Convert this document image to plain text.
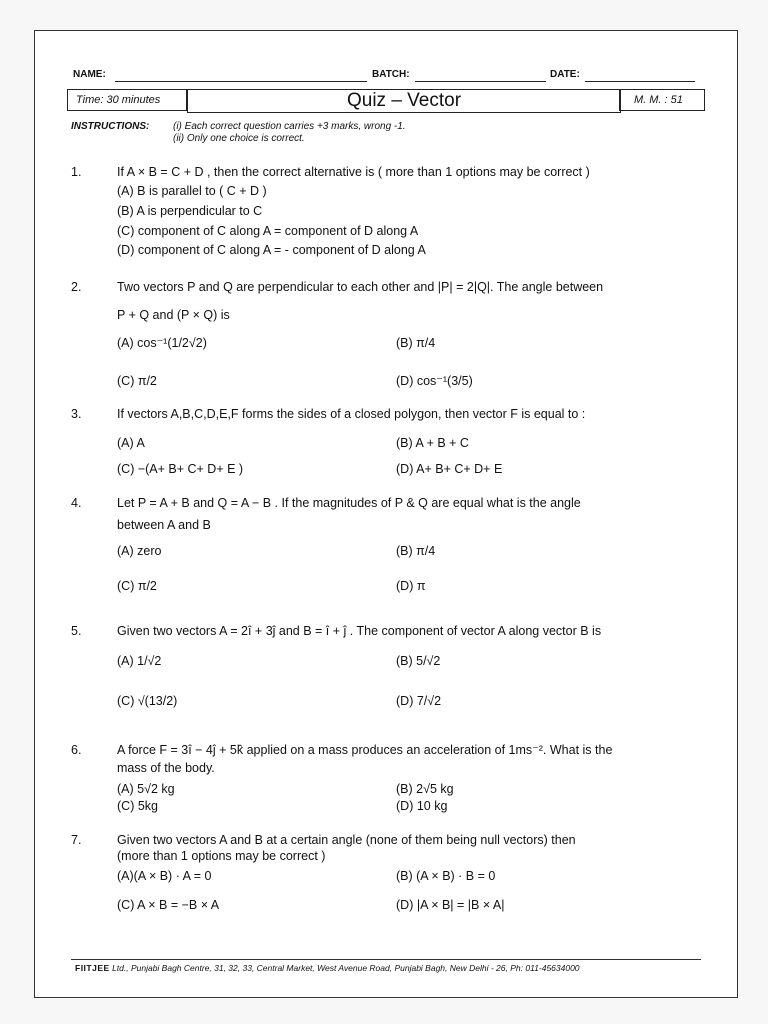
NAME:	BATCH:	DATE:
Time: 30 minutes	Quiz – Vector	M. M. : 51
INSTRUCTIONS: (i) Each correct question carries +3 marks, wrong -1.
(ii) Only one choice is correct.
1.	If A × B = C + D , then the correct alternative is ( more than 1 options may be correct )
(A) B is parallel to ( C + D )
(B) A is perpendicular to C
(C) component of C along A = component of D along A
(D) component of C along A = - component of D along A
2.	Two vectors P and Q are perpendicular to each other and |P| = 2|Q|. The angle between
P + Q and (P × Q) is
(A) cos⁻¹(1/2√2)	(B) π/4
(C) π/2	(D) cos⁻¹(3/5)
3.	If vectors A,B,C,D,E,F forms the sides of a closed polygon, then vector F is equal to :
(A) A	(B) A + B + C
(C) −(A+ B+ C+ D+ E )	(D) A+ B+ C+ D+ E
4.	Let P = A + B and Q = A − B . If the magnitudes of P & Q are equal what is the angle
between A and B
(A) zero	(B) π/4
(C) π/2	(D) π
5.	Given two vectors A = 2î + 3ĵ and B = î + ĵ . The component of vector A along vector B is
(A) 1/√2	(B) 5/√2
(C) √(13/2)	(D) 7/√2
6.	A force F = 3î − 4ĵ + 5k̂ applied on a mass produces an acceleration of 1ms⁻². What is the
mass of the body.
(A) 5√2 kg	(B) 2√5 kg
(C) 5kg	(D) 10 kg
7.	Given two vectors A and B at a certain angle (none of them being null vectors) then
(more than 1 options may be correct )
(A)(A × B) · A = 0	(B) (A × B) · B = 0
(C) A × B = −B × A	(D) |A × B| = |B × A|
FIITJEE Ltd., Punjabi Bagh Centre, 31, 32, 33, Central Market, West Avenue Road, Punjabi Bagh, New Delhi - 26, Ph: 011-45634000
